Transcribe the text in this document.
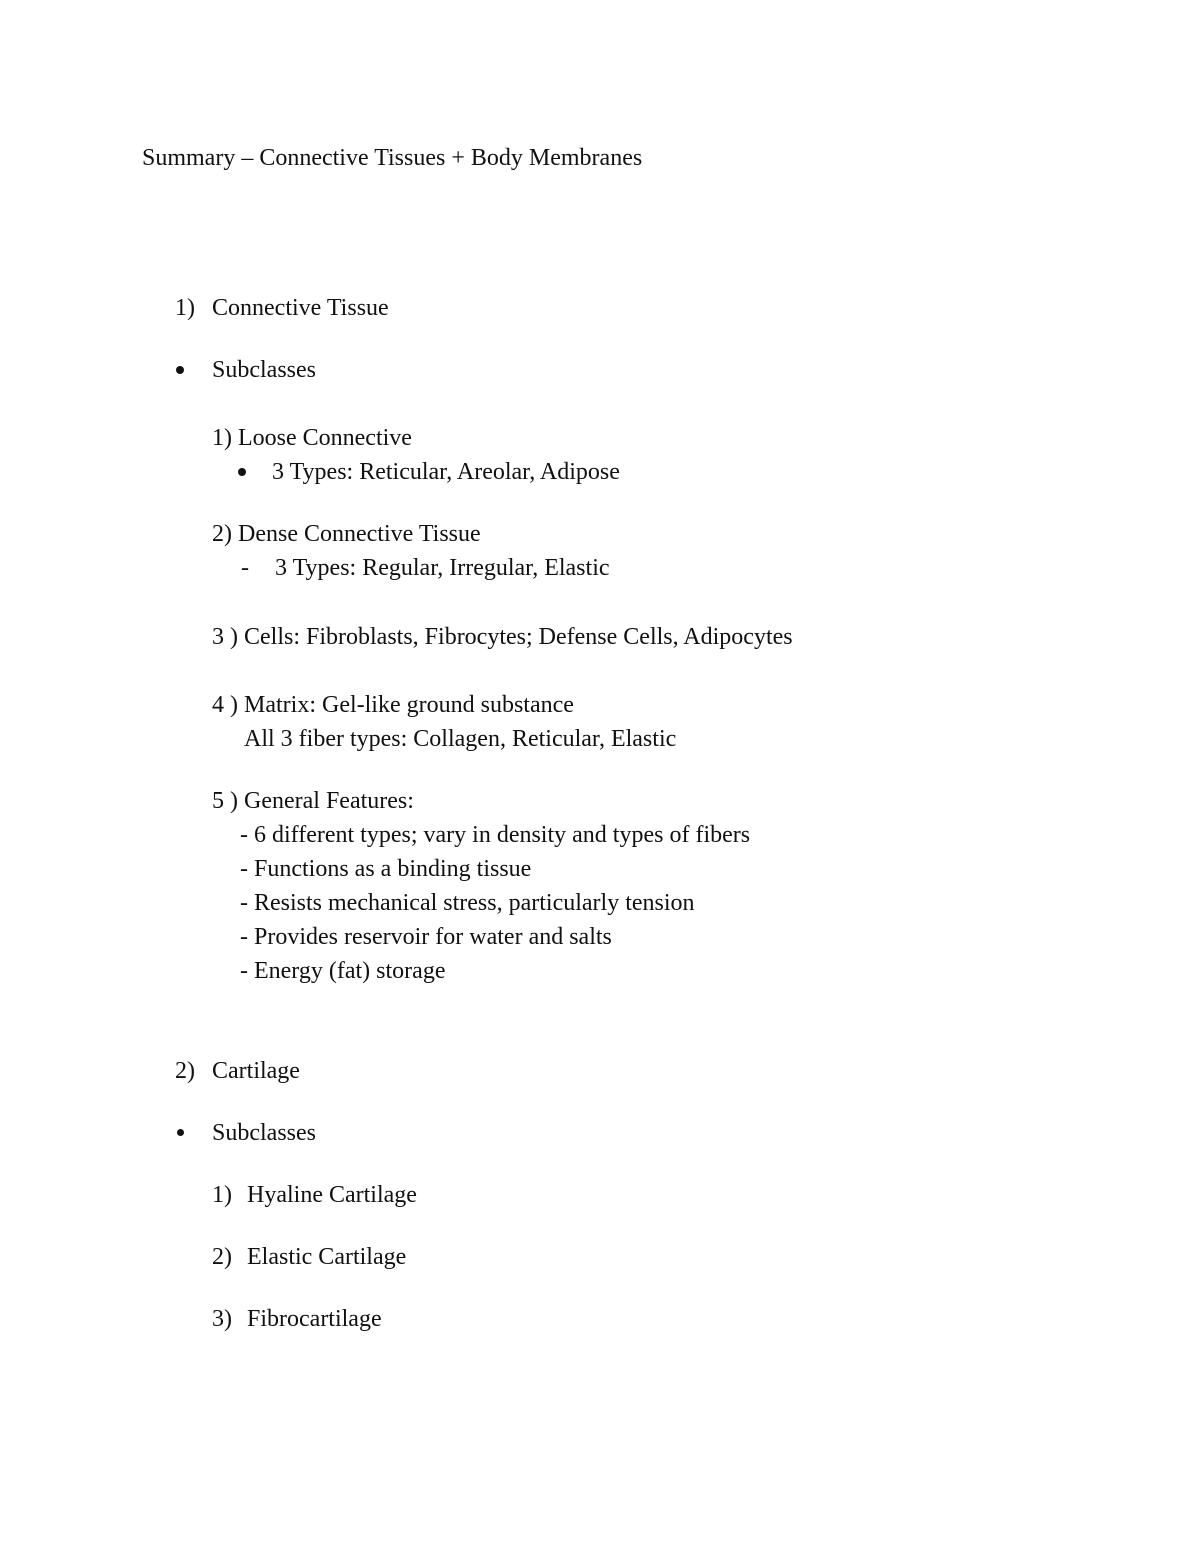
Summary – Connective Tissues + Body Membranes
1) Connective Tissue
Subclasses
1) Loose Connective
3 Types: Reticular, Areolar, Adipose
2) Dense Connective Tissue
- 3 Types: Regular, Irregular, Elastic
3 ) Cells: Fibroblasts, Fibrocytes; Defense Cells, Adipocytes
4 ) Matrix: Gel-like ground substance
All 3 fiber types: Collagen, Reticular, Elastic
5 ) General Features:
- 6 different types; vary in density and types of fibers
- Functions as a binding tissue
- Resists mechanical stress, particularly tension
- Provides reservoir for water and salts
- Energy (fat) storage
2) Cartilage
Subclasses
1) Hyaline Cartilage
2) Elastic Cartilage
3) Fibrocartilage
